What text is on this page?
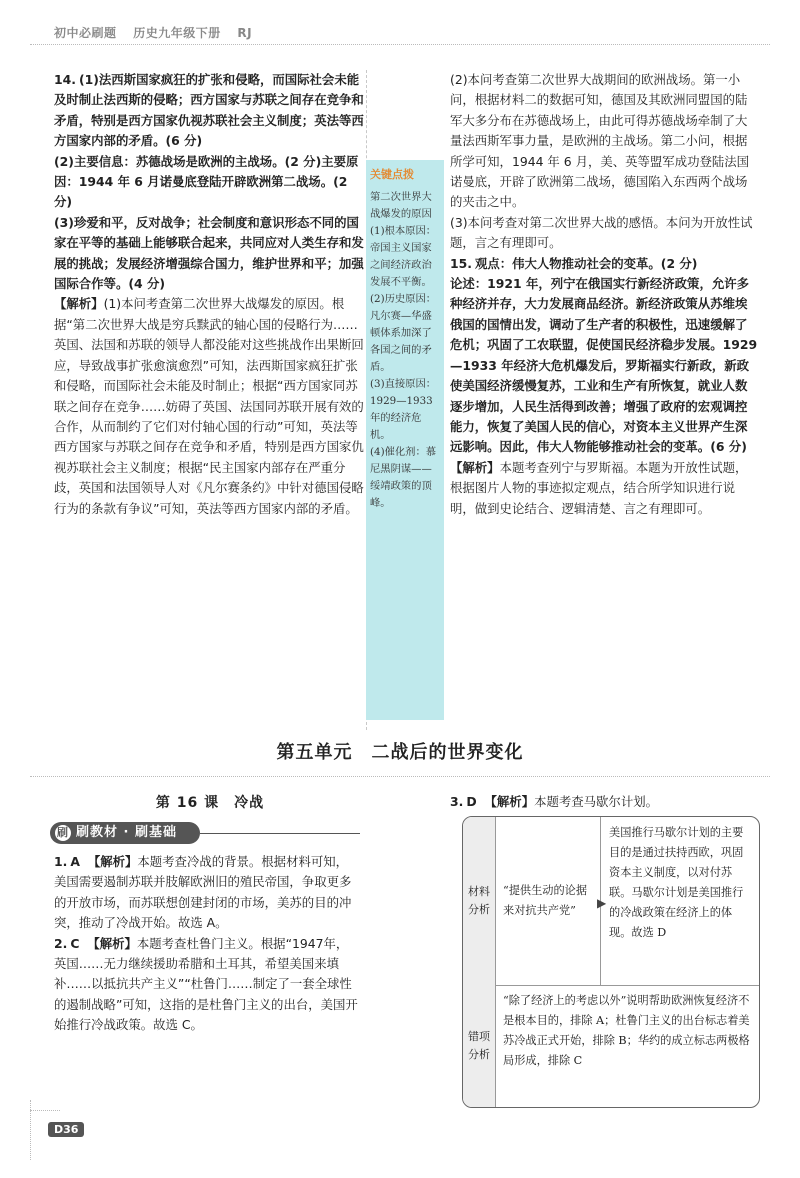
初中必刷题 历史九年级下册 RJ

14. (1)法西斯国家疯狂的扩张和侵略，而国际社会未能及时制止法西斯的侵略；西方国家与苏联之间存在竞争和矛盾，特别是西方国家仇视苏联社会主义制度；英法等西方国家内部的矛盾。(6 分)

(2)主要信息：苏德战场是欧洲的主战场。(2 分)主要原因：1944 年 6 月诺曼底登陆开辟欧洲第二战场。(2 分)

(3)珍爱和平，反对战争；社会制度和意识形态不同的国家在平等的基础上能够联合起来，共同应对人类生存和发展的挑战；发展经济增强综合国力，维护世界和平；加强国际合作等。(4 分)

【解析】(1)本问考查第二次世界大战爆发的原因。根据“第二次世界大战是穷兵黩武的轴心国的侵略行为……英国、法国和苏联的领导人都没能对这些挑战作出果断回应，导致战事扩张愈演愈烈”可知，法西斯国家疯狂扩张和侵略，而国际社会未能及时制止；根据“西方国家同苏联之间存在竞争……妨碍了英国、法国同苏联开展有效的合作，从而制约了它们对付轴心国的行动”可知，英法等西方国家与苏联之间存在竞争和矛盾，特别是西方国家仇视苏联社会主义制度；根据“民主国家内部存在严重分歧，英国和法国领导人对《凡尔赛条约》中针对德国侵略行为的条款有争议”可知，英法等西方国家内部的矛盾。

关键点拨

第二次世界大战爆发的原因

(1)根本原因：帝国主义国家之间经济政治发展不平衡。

(2)历史原因：凡尔赛—华盛顿体系加深了各国之间的矛盾。

(3)直接原因：1929—1933 年的经济危机。

(4)催化剂：慕尼黑阴谋——绥靖政策的顶峰。

(2)本问考查第二次世界大战期间的欧洲战场。第一小问，根据材料二的数据可知，德国及其欧洲同盟国的陆军大多分布在苏德战场上，由此可得苏德战场牵制了大量法西斯军事力量，是欧洲的主战场。第二小问，根据所学可知，1944 年 6 月，美、英等盟军成功登陆法国诺曼底，开辟了欧洲第二战场，德国陷入东西两个战场的夹击之中。

(3)本问考查对第二次世界大战的感悟。本问为开放性试题，言之有理即可。

15. 观点：伟大人物推动社会的变革。(2 分)

论述：1921 年，列宁在俄国实行新经济政策，允许多种经济并存，大力发展商品经济。新经济政策从苏维埃俄国的国情出发，调动了生产者的积极性，迅速缓解了危机；巩固了工农联盟，促使国民经济稳步发展。1929—1933 年经济大危机爆发后，罗斯福实行新政，新政使美国经济缓慢复苏，工业和生产有所恢复，就业人数逐步增加，人民生活得到改善；增强了政府的宏观调控能力，恢复了美国人民的信心，对资本主义世界产生深远影响。因此，伟大人物能够推动社会的变革。(6 分)

【解析】本题考查列宁与罗斯福。本题为开放性试题，根据图片人物的事迹拟定观点，结合所学知识进行说明，做到史论结合、逻辑清楚、言之有理即可。

第五单元　二战后的世界变化
第 16 课　冷战
刷 刷教材 · 刷基础

1. A 【解析】本题考查冷战的背景。根据材料可知，美国需要遏制苏联并肢解欧洲旧的殖民帝国，争取更多的开放市场，而苏联想创建封闭的市场，美苏的目的冲突，推动了冷战开始。故选 A。

2. C 【解析】本题考查杜鲁门主义。根据“1947年，英国……无力继续援助希腊和土耳其，希望美国来填补……以抵抗共产主义”“杜鲁门……制定了一套全球性的遏制战略”可知，这指的是杜鲁门主义的出台，美国开始推行冷战政策。故选 C。

3. D 【解析】本题考查马歇尔计划。

材料分析
“提供生动的论据来对抗共产党”
▶
美国推行马歇尔计划的主要目的是通过扶持西欧，巩固资本主义制度，以对付苏联。马歇尔计划是美国推行的冷战政策在经济上的体现。故选 D
错项分析
“除了经济上的考虑以外”说明帮助欧洲恢复经济不是根本目的，排除 A；杜鲁门主义的出台标志着美苏冷战正式开始，排除 B；华约的成立标志两极格局形成，排除 C
D36
